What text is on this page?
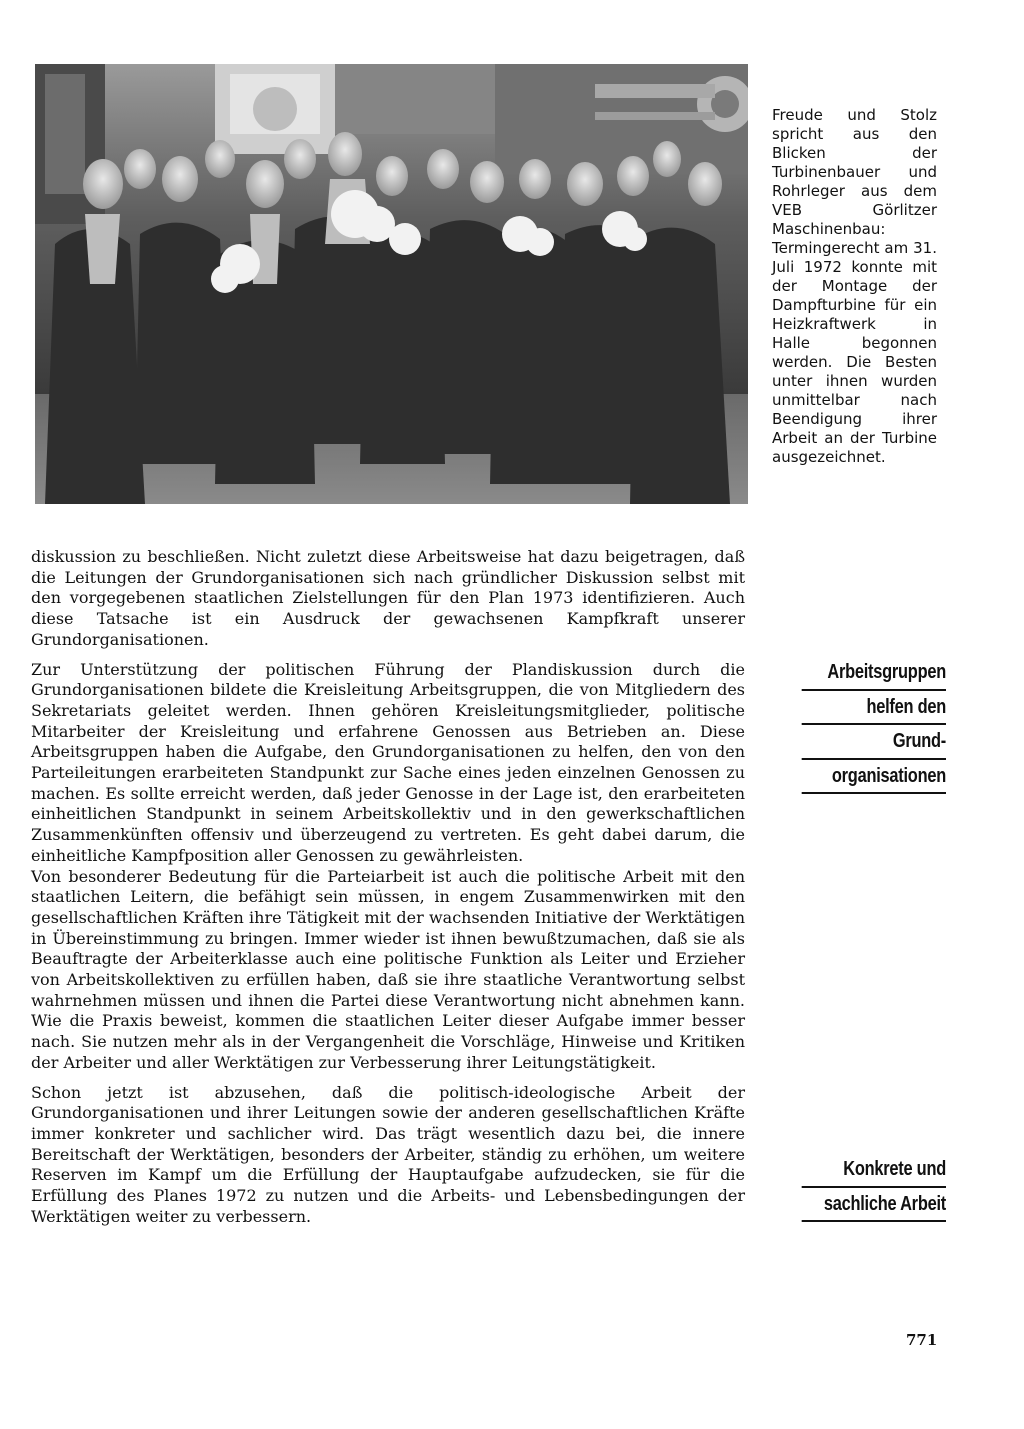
Freude und Stolz spricht aus den Blicken der Turbinenbauer und Rohrleger aus dem VEB Görlitzer Maschinenbau: Termingerecht am 31. Juli 1972 konnte mit der Montage der Dampfturbine für ein Heizkraftwerk in Halle begonnen werden. Die Besten unter ihnen wurden unmittelbar nach Beendigung ihrer Arbeit an der Turbine ausgezeichnet.

diskussion zu beschließen. Nicht zuletzt diese Arbeitsweise hat dazu beigetragen, daß die Leitungen der Grundorganisationen sich nach gründlicher Diskussion selbst mit den vorgegebenen staatlichen Zielstellungen für den Plan 1973 identifizieren. Auch diese Tatsache ist ein Ausdruck der gewachsenen Kampfkraft unserer Grundorganisationen.

Zur Unterstützung der politischen Führung der Plandiskussion durch die Grundorganisationen bildete die Kreisleitung Arbeitsgruppen, die von Mitgliedern des Sekretariats geleitet werden. Ihnen gehören Kreisleitungsmitglieder, politische Mitarbeiter der Kreisleitung und erfahrene Genossen aus Betrieben an. Diese Arbeitsgruppen haben die Aufgabe, den Grundorganisationen zu helfen, den von den Parteileitungen erarbeiteten Standpunkt zur Sache eines jeden einzelnen Genossen zu machen. Es sollte erreicht werden, daß jeder Genosse in der Lage ist, den erarbeiteten einheitlichen Standpunkt in seinem Arbeitskollektiv und in den gewerkschaftlichen Zusammenkünften offensiv und überzeugend zu vertreten. Es geht dabei darum, die einheitliche Kampfposition aller Genossen zu gewährleisten.

Von besonderer Bedeutung für die Parteiarbeit ist auch die politische Arbeit mit den staatlichen Leitern, die befähigt sein müssen, in engem Zusammenwirken mit den gesellschaftlichen Kräften ihre Tätigkeit mit der wachsenden Initiative der Werktätigen in Übereinstimmung zu bringen. Immer wieder ist ihnen bewußtzumachen, daß sie als Beauftragte der Arbeiterklasse auch eine politische Funktion als Leiter und Erzieher von Arbeitskollektiven zu erfüllen haben, daß sie ihre staatliche Verantwortung selbst wahrnehmen müssen und ihnen die Partei diese Verantwortung nicht abnehmen kann. Wie die Praxis beweist, kommen die staatlichen Leiter dieser Aufgabe immer besser nach. Sie nutzen mehr als in der Vergangenheit die Vorschläge, Hinweise und Kritiken der Arbeiter und aller Werktätigen zur Verbesserung ihrer Leitungstätigkeit.

Schon jetzt ist abzusehen, daß die politisch-ideologische Arbeit der Grundorganisationen und ihrer Leitungen sowie der anderen gesellschaftlichen Kräfte immer konkreter und sachlicher wird. Das trägt wesentlich dazu bei, die innere Bereitschaft der Werktätigen, besonders der Arbeiter, ständig zu erhöhen, um weitere Reserven im Kampf um die Erfüllung der Hauptaufgabe aufzudecken, sie für die Erfüllung des Planes 1972 zu nutzen und die Arbeits- und Lebensbedingungen der Werktätigen weiter zu verbessern.

Arbeitsgruppen
helfen den
Grund-
organisationen
Konkrete und
sachliche Arbeit
771
